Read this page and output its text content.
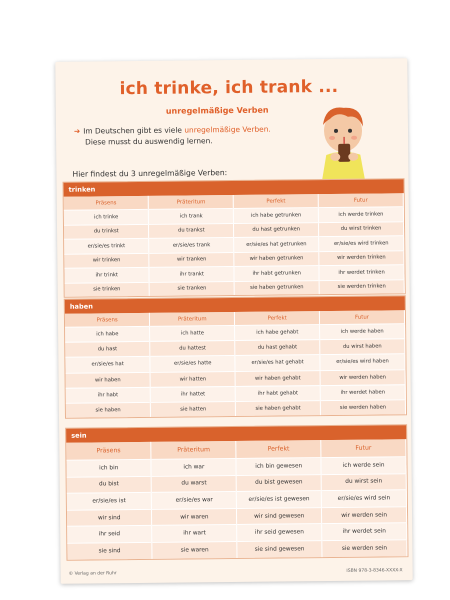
ich trinke, ich trank ...
unregelmäßige Verben
➔ Im Deutschen gibt es viele unregelmäßige Verben.
Diese musst du auswendig lernen.
Hier findest du 3 unregelmäßige Verben:
trinken
Präsens	Präteritum	Perfekt	Futur
ich trinke	ich trank	ich habe getrunken	ich werde trinken
du trinkst	du trankst	du hast getrunken	du wirst trinken
er/sie/es trinkt	er/sie/es trank	er/sie/es hat getrunken	er/sie/es wird trinken
wir trinken	wir tranken	wir haben getrunken	wir werden trinken
ihr trinkt	ihr trankt	ihr habt getrunken	ihr werdet trinken
sie trinken	sie tranken	sie haben getrunken	sie werden trinken
haben
Präsens	Präteritum	Perfekt	Futur
ich habe	ich hatte	ich habe gehabt	ich werde haben
du hast	du hattest	du hast gehabt	du wirst haben
er/sie/es hat	er/sie/es hatte	er/sie/es hat gehabt	er/sie/es wird haben
wir haben	wir hatten	wir haben gehabt	wir werden haben
ihr habt	ihr hattet	ihr habt gehabt	ihr werdet haben
sie haben	sie hatten	sie haben gehabt	sie werden haben
sein
Präsens	Präteritum	Perfekt	Futur
ich bin	ich war	ich bin gewesen	ich werde sein
du bist	du warst	du bist gewesen	du wirst sein
er/sie/es ist	er/sie/es war	er/sie/es ist gewesen	er/sie/es wird sein
wir sind	wir waren	wir sind gewesen	wir werden sein
ihr seid	ihr wart	ihr seid gewesen	ihr werdet sein
sie sind	sie waren	sie sind gewesen	sie werden sein
© Verlag an der Ruhr
ISBN 978-3-8346-XXXX-X
